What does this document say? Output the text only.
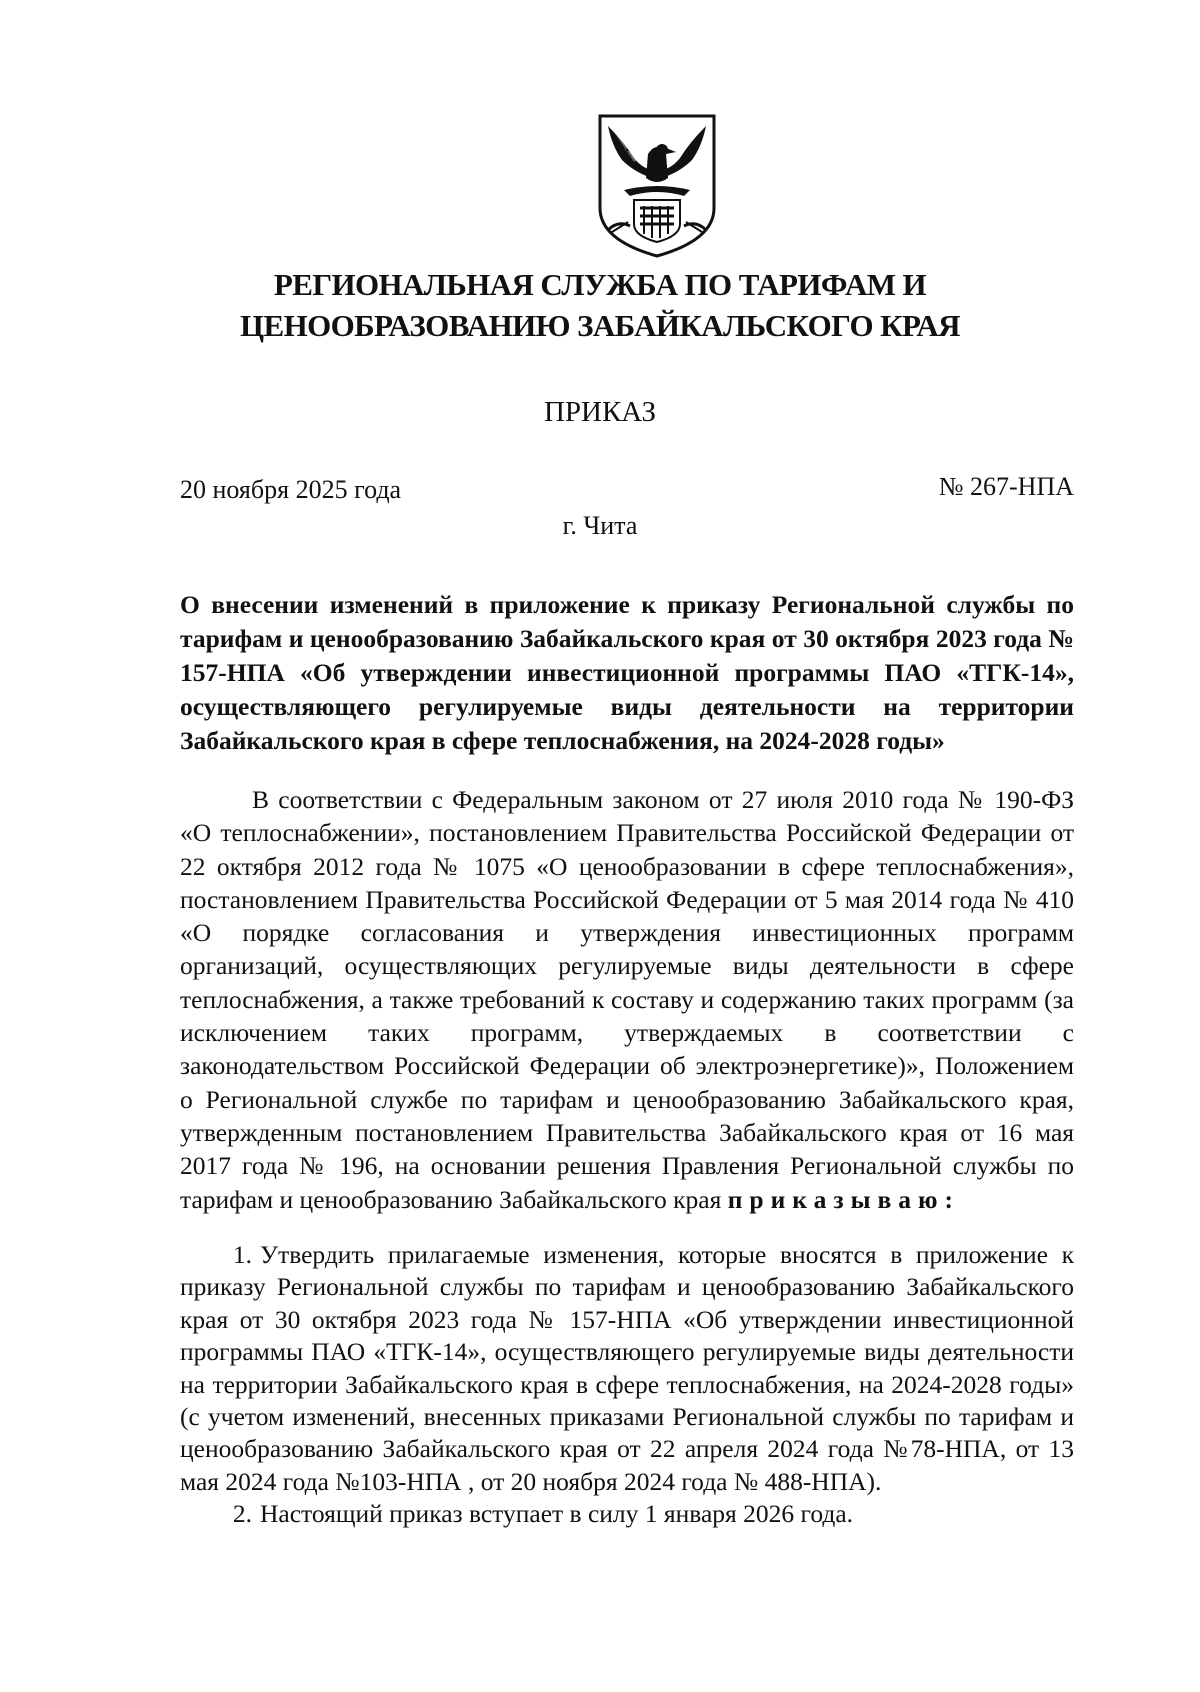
РЕГИОНАЛЬНАЯ СЛУЖБА ПО ТАРИФАМ И
ЦЕНООБРАЗОВАНИЮ ЗАБАЙКАЛЬСКОГО КРАЯ
ПРИКАЗ
20 ноября 2025 года	№ 267-НПА
г. Чита
О внесении изменений в приложение к приказу Региональной службы по тарифам и ценообразованию Забайкальского края от 30 октября 2023 года № 157-НПА «Об утверждении инвестиционной программы ПАО «ТГК-14», осуществляющего регулируемые виды деятельности на территории Забайкальского края в сфере теплоснабжения, на 2024-2028 годы»
В соответствии с Федеральным законом от 27 июля 2010 года № 190-ФЗ «О теплоснабжении», постановлением Правительства Российской Федерации от 22 октября 2012 года № 1075 «О ценообразовании в сфере теплоснабжения», постановлением Правительства Российской Федерации от 5 мая 2014 года № 410 «О порядке согласования и утверждения инвестиционных программ организаций, осуществляющих регулируемые виды деятельности в сфере теплоснабжения, а также требований к составу и содержанию таких программ (за исключением таких программ, утверждаемых в соответствии с законодательством Российской Федерации об электроэнергетике)», Положением о Региональной службе по тарифам и ценообразованию Забайкальского края, утвержденным постановлением Правительства Забайкальского края от 16 мая 2017 года № 196, на основании решения Правления Региональной службы по тарифам и ценообразованию Забайкальского края приказываю:
1. Утвердить прилагаемые изменения, которые вносятся в приложение к приказу Региональной службы по тарифам и ценообразованию Забайкальского края от 30 октября 2023 года № 157-НПА «Об утверждении инвестиционной программы ПАО «ТГК-14», осуществляющего регулируемые виды деятельности на территории Забайкальского края в сфере теплоснабжения, на 2024-2028 годы» (с учетом изменений, внесенных приказами Региональной службы по тарифам и ценообразованию Забайкальского края от 22 апреля 2024 года №78-НПА, от 13 мая 2024 года №103-НПА , от 20 ноября 2024 года № 488-НПА).
2. Настоящий приказ вступает в силу 1 января 2026 года.
